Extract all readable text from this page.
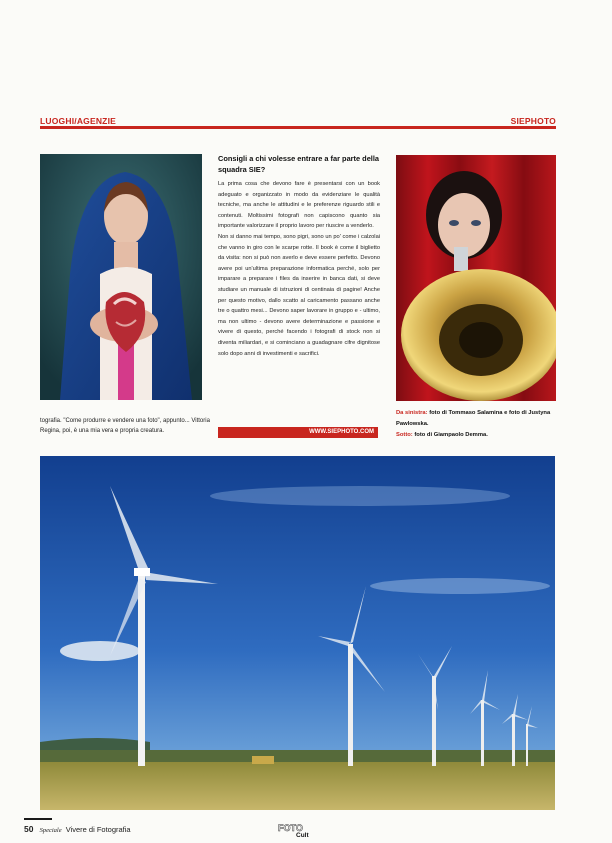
LUOGHI/AGENZIE	SIEPHOTO
tografia. "Come produrre e vendere una foto", appunto... Vittoria Regina, poi, è una mia vera e propria creatura.
Consigli a chi volesse entrare a far parte della squadra SIE?

La prima cosa che devono fare è presentarsi con un book adeguato e organizzato in modo da evidenziare le qualità tecniche, ma anche le attitudini e le preferenze riguardo stili e contenuti. Moltissimi fotografi non capiscono quanto sia importante valorizzare il proprio lavoro per riuscire a venderlo.

Non si danno mai tempo, sono pigri, sono un po' come i calzolai che vanno in giro con le scarpe rotte. Il book è come il biglietto da visita: non si può non averlo e deve essere perfetto. Devono avere poi un'ultima preparazione informatica perché, solo per imparare a preparare i files da inserire in banca dati, si deve studiare un manuale di istruzioni di centinaia di pagine! Anche per questo motivo, dallo scatto al caricamento passano anche tre o quattro mesi... Devono saper lavorare in gruppo e - ultimo, ma non ultimo - devono avere determinazione e passione e vivere di questo, perché facendo i fotografi di stock non si diventa miliardari, e si cominciano a guadagnare cifre dignitose solo dopo anni di investimenti e sacrifici.

WWW.SIEPHOTO.COM
Da sinistra: foto di Tommaso Salamina e foto di Justyna Pawlowska.
Sotto: foto di Giampaolo Demma.
50 Speciale Vivere di Fotografia	FOTO
Cult
